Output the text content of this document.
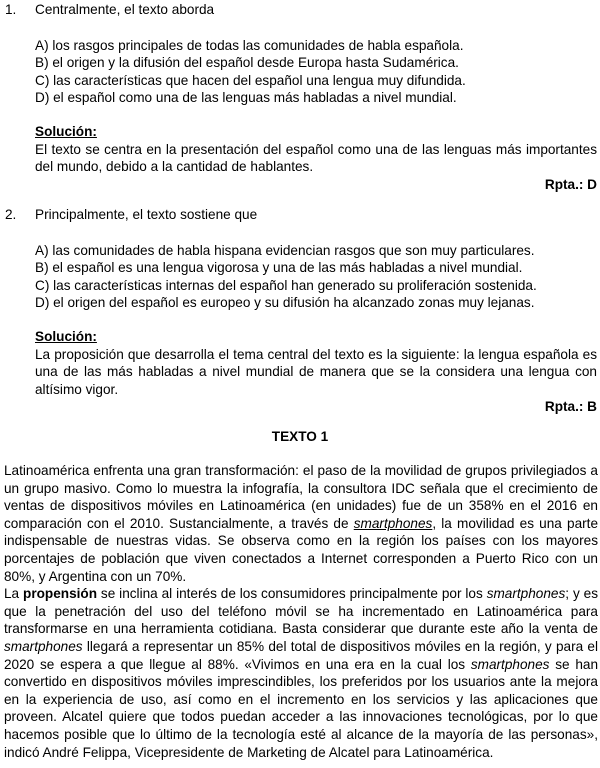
1.	Centralmente, el texto aborda
A) los rasgos principales de todas las comunidades de habla española.
B) el origen y la difusión del español desde Europa hasta Sudamérica.
C) las características que hacen del español una lengua muy difundida.
D) el español como una de las lenguas más habladas a nivel mundial.
Solución:
El texto se centra en la presentación del español como una de las lenguas más importantes del mundo, debido a la cantidad de hablantes.
Rpta.: D
2.	Principalmente, el texto sostiene que
A) las comunidades de habla hispana evidencian rasgos que son muy particulares.
B) el español es una lengua vigorosa y una de las más habladas a nivel mundial.
C) las características internas del español han generado su proliferación sostenida.
D) el origen del español es europeo y su difusión ha alcanzado zonas muy lejanas.
Solución:
La proposición que desarrolla el tema central del texto es la siguiente: la lengua española es una de las más habladas a nivel mundial de manera que se la considera una lengua con altísimo vigor.
Rpta.: B
TEXTO 1

Latinoamérica enfrenta una gran transformación: el paso de la movilidad de grupos privilegiados a un grupo masivo. Como lo muestra la infografía, la consultora IDC señala que el crecimiento de ventas de dispositivos móviles en Latinoamérica (en unidades) fue de un 358% en el 2016 en comparación con el 2010. Sustancialmente, a través de smartphones, la movilidad es una parte indispensable de nuestras vidas. Se observa como en la región los países con los mayores porcentajes de población que viven conectados a Internet corresponden a Puerto Rico con un 80%, y Argentina con un 70%.

La propensión se inclina al interés de los consumidores principalmente por los smartphones; y es que la penetración del uso del teléfono móvil se ha incrementado en Latinoamérica para transformarse en una herramienta cotidiana. Basta considerar que durante este año la venta de smartphones llegará a representar un 85% del total de dispositivos móviles en la región, y para el 2020 se espera a que llegue al 88%. «Vivimos en una era en la cual los smartphones se han convertido en dispositivos móviles imprescindibles, los preferidos por los usuarios ante la mejora en la experiencia de uso, así como en el incremento en los servicios y las aplicaciones que proveen. Alcatel quiere que todos puedan acceder a las innovaciones tecnológicas, por lo que hacemos posible que lo último de la tecnología esté al alcance de la mayoría de las personas», indicó André Felippa, Vicepresidente de Marketing de Alcatel para Latinoamérica.
